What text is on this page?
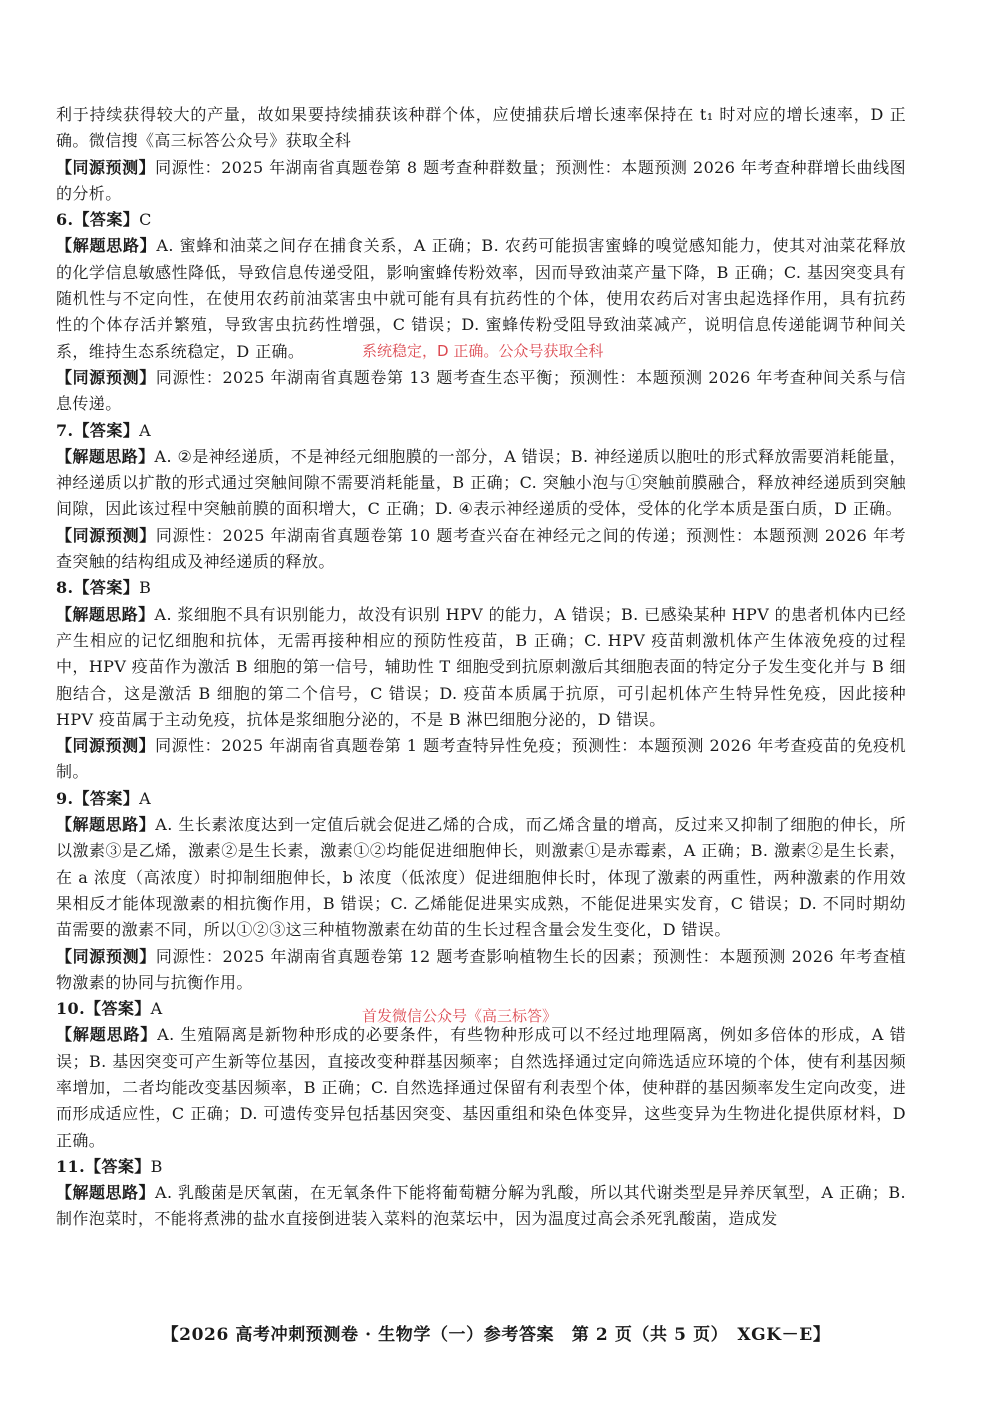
利于持续获得较大的产量，故如果要持续捕获该种群个体，应使捕获后增长速率保持在 t₁ 时对应的增长速率，D 正确。微信搜《高三标答公众号》获取全科
【同源预测】同源性：2025 年湖南省真题卷第 8 题考查种群数量；预测性：本题预测 2026 年考查种群增长曲线图的分析。
6.【答案】C
【解题思路】A. 蜜蜂和油菜之间存在捕食关系，A 正确；B. 农药可能损害蜜蜂的嗅觉感知能力，使其对油菜花释放的化学信息敏感性降低，导致信息传递受阻，影响蜜蜂传粉效率，因而导致油菜产量下降，B 正确；C. 基因突变具有随机性与不定向性，在使用农药前油菜害虫中就可能有具有抗药性的个体，使用农药后对害虫起选择作用，具有抗药性的个体存活并繁殖，导致害虫抗药性增强，C 错误；D. 蜜蜂传粉受阻导致油菜减产，说明信息传递能调节种间关系，维持生态系统稳定，D 正确。
【同源预测】同源性：2025 年湖南省真题卷第 13 题考查生态平衡；预测性：本题预测 2026 年考查种间关系与信息传递。
7.【答案】A
【解题思路】A. ②是神经递质，不是神经元细胞膜的一部分，A 错误；B. 神经递质以胞吐的形式释放需要消耗能量，神经递质以扩散的形式通过突触间隙不需要消耗能量，B 正确；C. 突触小泡与①突触前膜融合，释放神经递质到突触间隙，因此该过程中突触前膜的面积增大，C 正确；D. ④表示神经递质的受体，受体的化学本质是蛋白质，D 正确。
【同源预测】同源性：2025 年湖南省真题卷第 10 题考查兴奋在神经元之间的传递；预测性：本题预测 2026 年考查突触的结构组成及神经递质的释放。
8.【答案】B
【解题思路】A. 浆细胞不具有识别能力，故没有识别 HPV 的能力，A 错误；B. 已感染某种 HPV 的患者机体内已经产生相应的记忆细胞和抗体，无需再接种相应的预防性疫苗，B 正确；C. HPV 疫苗刺激机体产生体液免疫的过程中，HPV 疫苗作为激活 B 细胞的第一信号，辅助性 T 细胞受到抗原刺激后其细胞表面的特定分子发生变化并与 B 细胞结合，这是激活 B 细胞的第二个信号，C 错误；D. 疫苗本质属于抗原，可引起机体产生特异性免疫，因此接种 HPV 疫苗属于主动免疫，抗体是浆细胞分泌的，不是 B 淋巴细胞分泌的，D 错误。
【同源预测】同源性：2025 年湖南省真题卷第 1 题考查特异性免疫；预测性：本题预测 2026 年考查疫苗的免疫机制。
9.【答案】A
【解题思路】A. 生长素浓度达到一定值后就会促进乙烯的合成，而乙烯含量的增高，反过来又抑制了细胞的伸长，所以激素③是乙烯，激素②是生长素，激素①②均能促进细胞伸长，则激素①是赤霉素，A 正确；B. 激素②是生长素，在 a 浓度（高浓度）时抑制细胞伸长，b 浓度（低浓度）促进细胞伸长时，体现了激素的两重性，两种激素的作用效果相反才能体现激素的相抗衡作用，B 错误；C. 乙烯能促进果实成熟，不能促进果实发育，C 错误；D. 不同时期幼苗需要的激素不同，所以①②③这三种植物激素在幼苗的生长过程含量会发生变化，D 错误。
【同源预测】同源性：2025 年湖南省真题卷第 12 题考查影响植物生长的因素；预测性：本题预测 2026 年考查植物激素的协同与抗衡作用。
10.【答案】A
【解题思路】A. 生殖隔离是新物种形成的必要条件，有些物种形成可以不经过地理隔离，例如多倍体的形成，A 错误；B. 基因突变可产生新等位基因，直接改变种群基因频率；自然选择通过定向筛选适应环境的个体，使有利基因频率增加，二者均能改变基因频率，B 正确；C. 自然选择通过保留有利表型个体，使种群的基因频率发生定向改变，进而形成适应性，C 正确；D. 可遗传变异包括基因突变、基因重组和染色体变异，这些变异为生物进化提供原材料，D 正确。
11.【答案】B
【解题思路】A. 乳酸菌是厌氧菌，在无氧条件下能将葡萄糖分解为乳酸，所以其代谢类型是异养厌氧型，A 正确；B. 制作泡菜时，不能将煮沸的盐水直接倒进装入菜料的泡菜坛中，因为温度过高会杀死乳酸菌，造成发
系统稳定，D 正确。公众号获取全科
首发微信公众号《高三标答》
【2026 高考冲刺预测卷 · 生物学（一）参考答案　第 2 页（共 5 页）　XGK－E】
